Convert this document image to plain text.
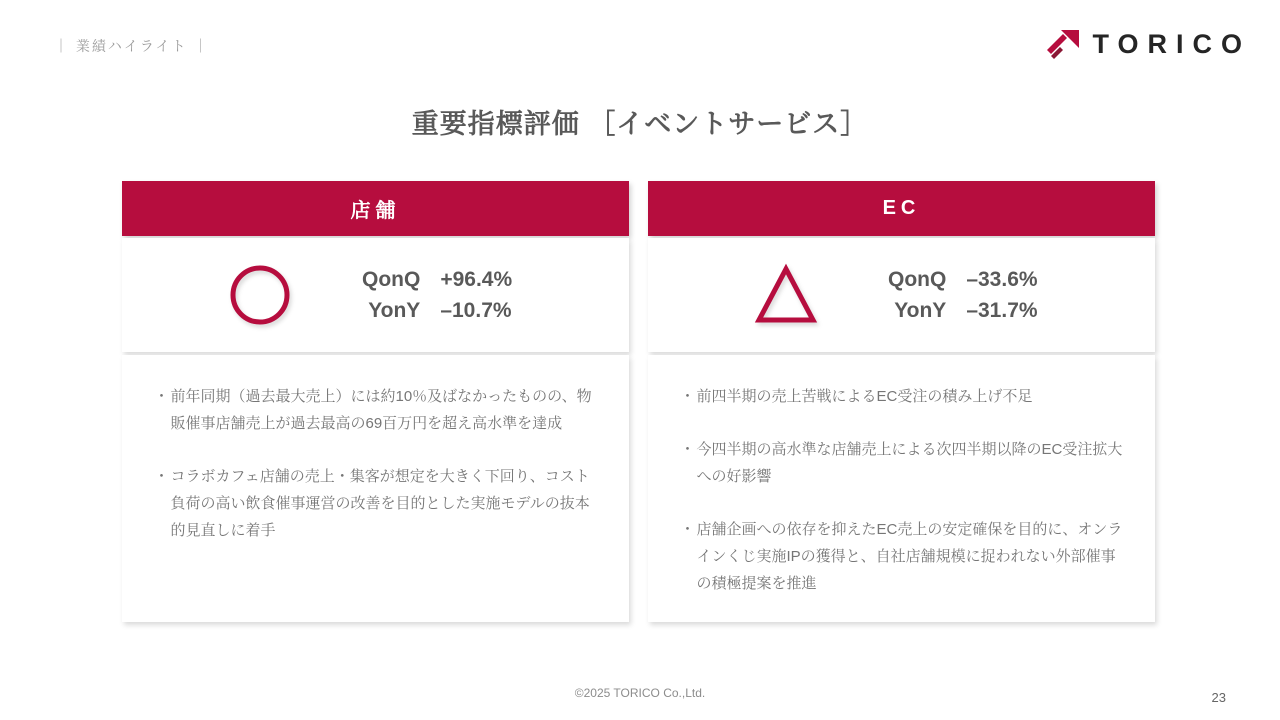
｜ 業績ハイライト ｜	TORICO
重要指標評価 ［イベントサービス］
店舗
QonQ +96.4%
YonY –10.7%
・ 前年同期（過去最大売上）には約10％及ばなかったものの、物販催事店舗売上が過去最高の69百万円を超え高水準を達成
・ コラボカフェ店舗の売上・集客が想定を大きく下回り、コスト負荷の高い飲食催事運営の改善を目的とした実施モデルの抜本的見直しに着手
EC
QonQ –33.6%
YonY –31.7%
・ 前四半期の売上苦戦によるEC受注の積み上げ不足
・ 今四半期の高水準な店舗売上による次四半期以降のEC受注拡大への好影響
・ 店舗企画への依存を抑えたEC売上の安定確保を目的に、オンラインくじ実施IPの獲得と、自社店舗規模に捉われない外部催事の積極提案を推進
©2025 TORICO Co.,Ltd.	23
